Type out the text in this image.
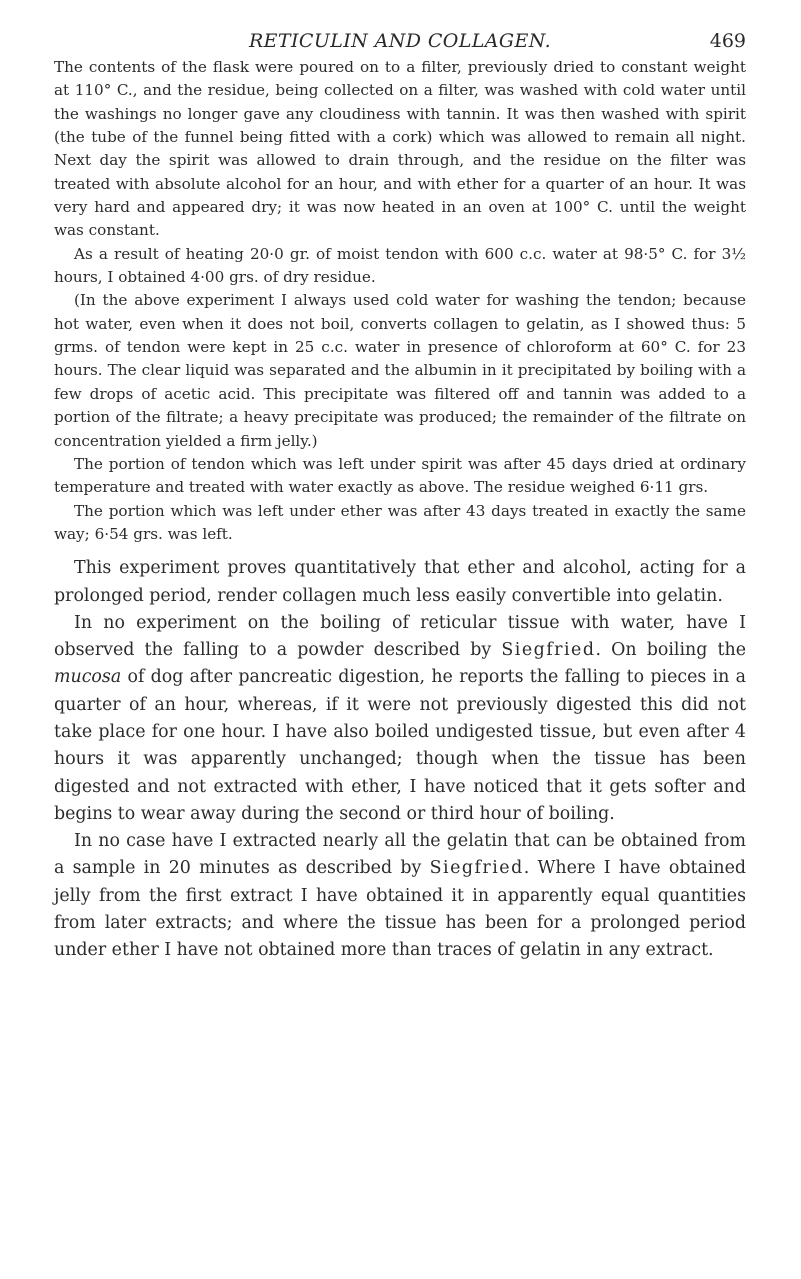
RETICULIN AND COLLAGEN.	469

The contents of the flask were poured on to a filter, previously dried to constant weight at 110° C., and the residue, being collected on a filter, was washed with cold water until the washings no longer gave any cloudiness with tannin. It was then washed with spirit (the tube of the funnel being fitted with a cork) which was allowed to remain all night. Next day the spirit was allowed to drain through, and the residue on the filter was treated with absolute alcohol for an hour, and with ether for a quarter of an hour. It was very hard and appeared dry; it was now heated in an oven at 100° C. until the weight was constant.

As a result of heating 20·0 gr. of moist tendon with 600 c.c. water at 98·5° C. for 3½ hours, I obtained 4·00 grs. of dry residue.

(In the above experiment I always used cold water for washing the tendon; because hot water, even when it does not boil, converts collagen to gelatin, as I showed thus: 5 grms. of tendon were kept in 25 c.c. water in presence of chloroform at 60° C. for 23 hours. The clear liquid was separated and the albumin in it precipitated by boiling with a few drops of acetic acid. This precipitate was filtered off and tannin was added to a portion of the filtrate; a heavy precipitate was produced; the remainder of the filtrate on concentration yielded a firm jelly.)

The portion of tendon which was left under spirit was after 45 days dried at ordinary temperature and treated with water exactly as above. The residue weighed 6·11 grs.

The portion which was left under ether was after 43 days treated in exactly the same way; 6·54 grs. was left.

This experiment proves quantitatively that ether and alcohol, acting for a prolonged period, render collagen much less easily convertible into gelatin.

In no experiment on the boiling of reticular tissue with water, have I observed the falling to a powder described by Siegfried. On boiling the mucosa of dog after pancreatic digestion, he reports the falling to pieces in a quarter of an hour, whereas, if it were not previously digested this did not take place for one hour. I have also boiled undigested tissue, but even after 4 hours it was apparently unchanged; though when the tissue has been digested and not extracted with ether, I have noticed that it gets softer and begins to wear away during the second or third hour of boiling.

In no case have I extracted nearly all the gelatin that can be obtained from a sample in 20 minutes as described by Siegfried. Where I have obtained jelly from the first extract I have obtained it in apparently equal quantities from later extracts; and where the tissue has been for a prolonged period under ether I have not obtained more than traces of gelatin in any extract.
